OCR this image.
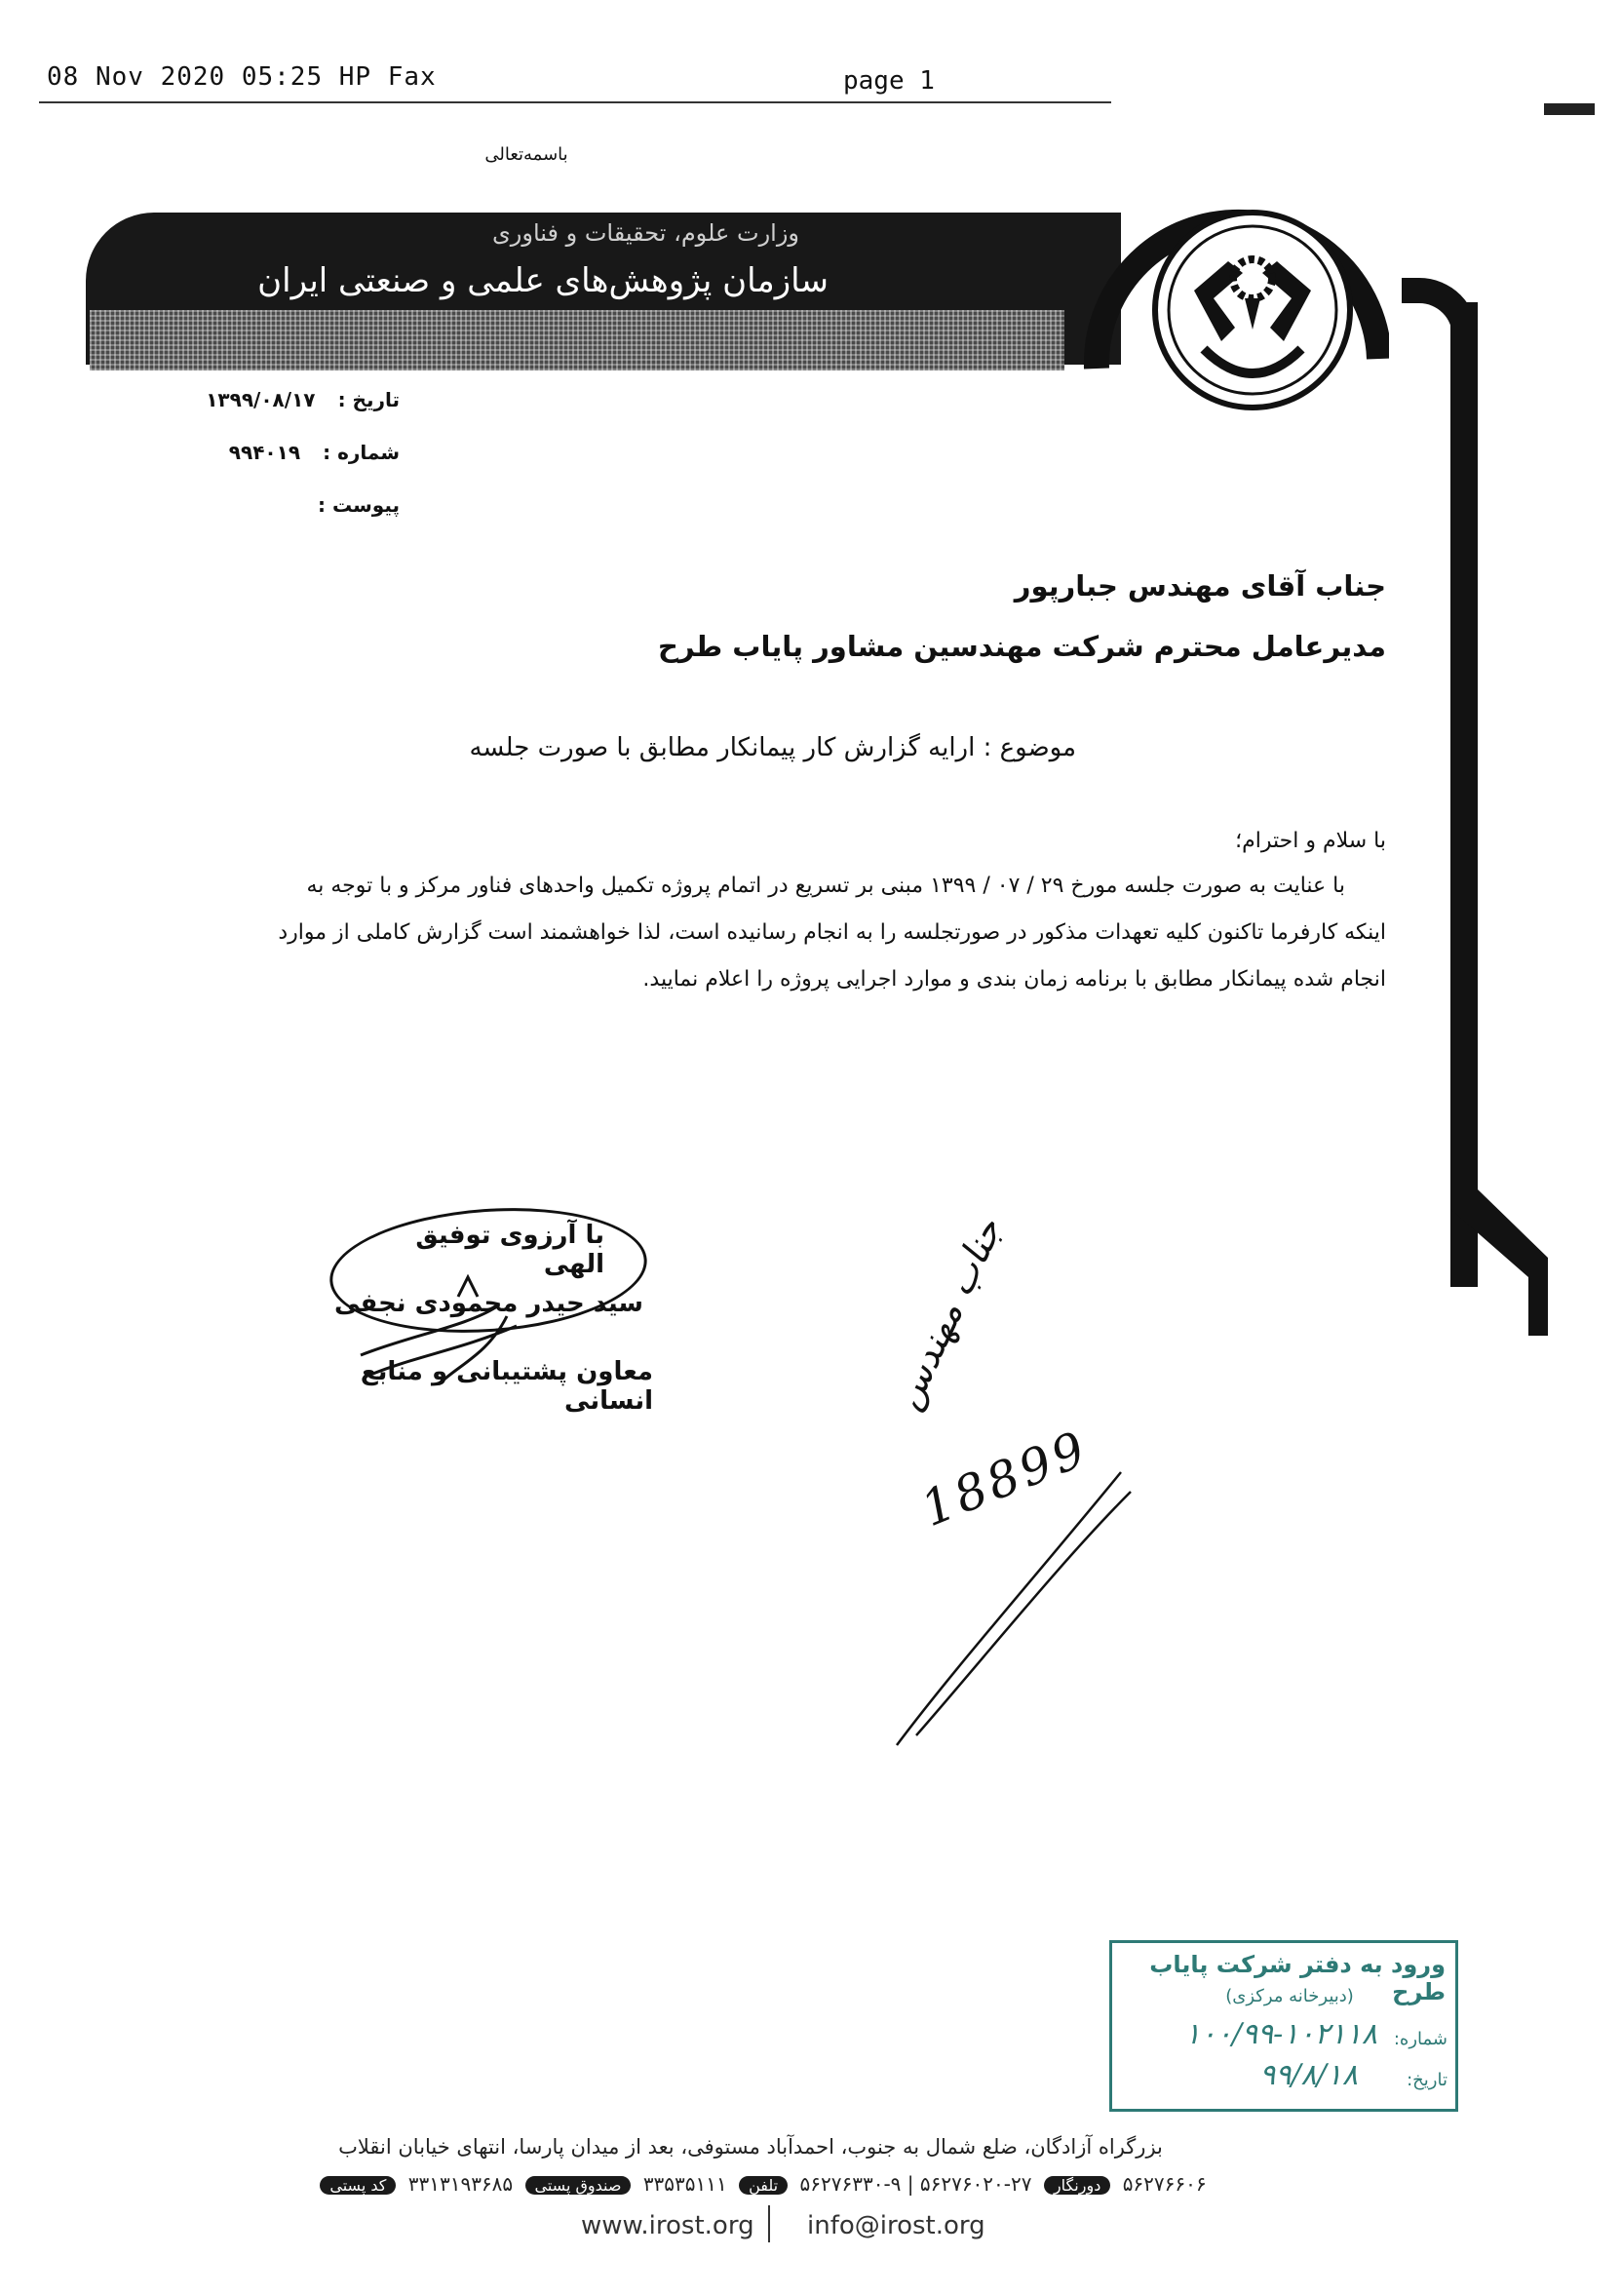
08 Nov 2020 05:25 HP Fax	page 1
باسمه‌تعالی
وزارت علوم، تحقیقات و فناوری
سازمان پژوهش‌های علمی و صنعتی ایران
تاریخ : ۱۳۹۹/۰۸/۱۷
شماره : ۹۹۴۰۱۹
پیوست :
جناب آقای مهندس جبارپور
مدیرعامل محترم شرکت مهندسین مشاور پایاب طرح
موضوع : ارایه گزارش کار پیمانکار مطابق با صورت جلسه
با سلام و احترام؛
با عنایت به صورت جلسه مورخ ۲۹ / ۰۷ / ۱۳۹۹ مبنی بر تسریع در اتمام پروژه تکمیل واحدهای فناور مرکز و با توجه به
اینکه کارفرما تاکنون کلیه تعهدات مذکور در صورتجلسه را به انجام رسانیده است، لذا خواهشمند است گزارش کاملی از موارد
انجام شده پیمانکار مطابق با برنامه زمان بندی و موارد اجرایی پروژه را اعلام نمایید.
با آرزوی توفیق الهی
سید حیدر محمودی نجفی
معاون پشتیبانی و منابع انسانی	جناب مهندس
18899
ورود به دفتر شرکت پایاب طرح
(دبیرخانه مرکزی)
شماره:
۱۰۰/۹۹-۱۰۲۱۱۸
تاریخ:
۹۹/۸/۱۸
بزرگراه آزادگان، ضلع شمال به جنوب، احمدآباد مستوفی، بعد از میدان پارسا، انتهای خیابان انقلاب
کد پستی ۳۳۱۳۱۹۳۶۸۵ صندوق پستی ۳۳۵۳۵۱۱۱ تلفن ۵۶۲۷۶۳۳۰-۹ | ۵۶۲۷۶۰۲۰-۲۷ دورنگار ۵۶۲۷۶۶۰۶
www.irost.org info@irost.org
